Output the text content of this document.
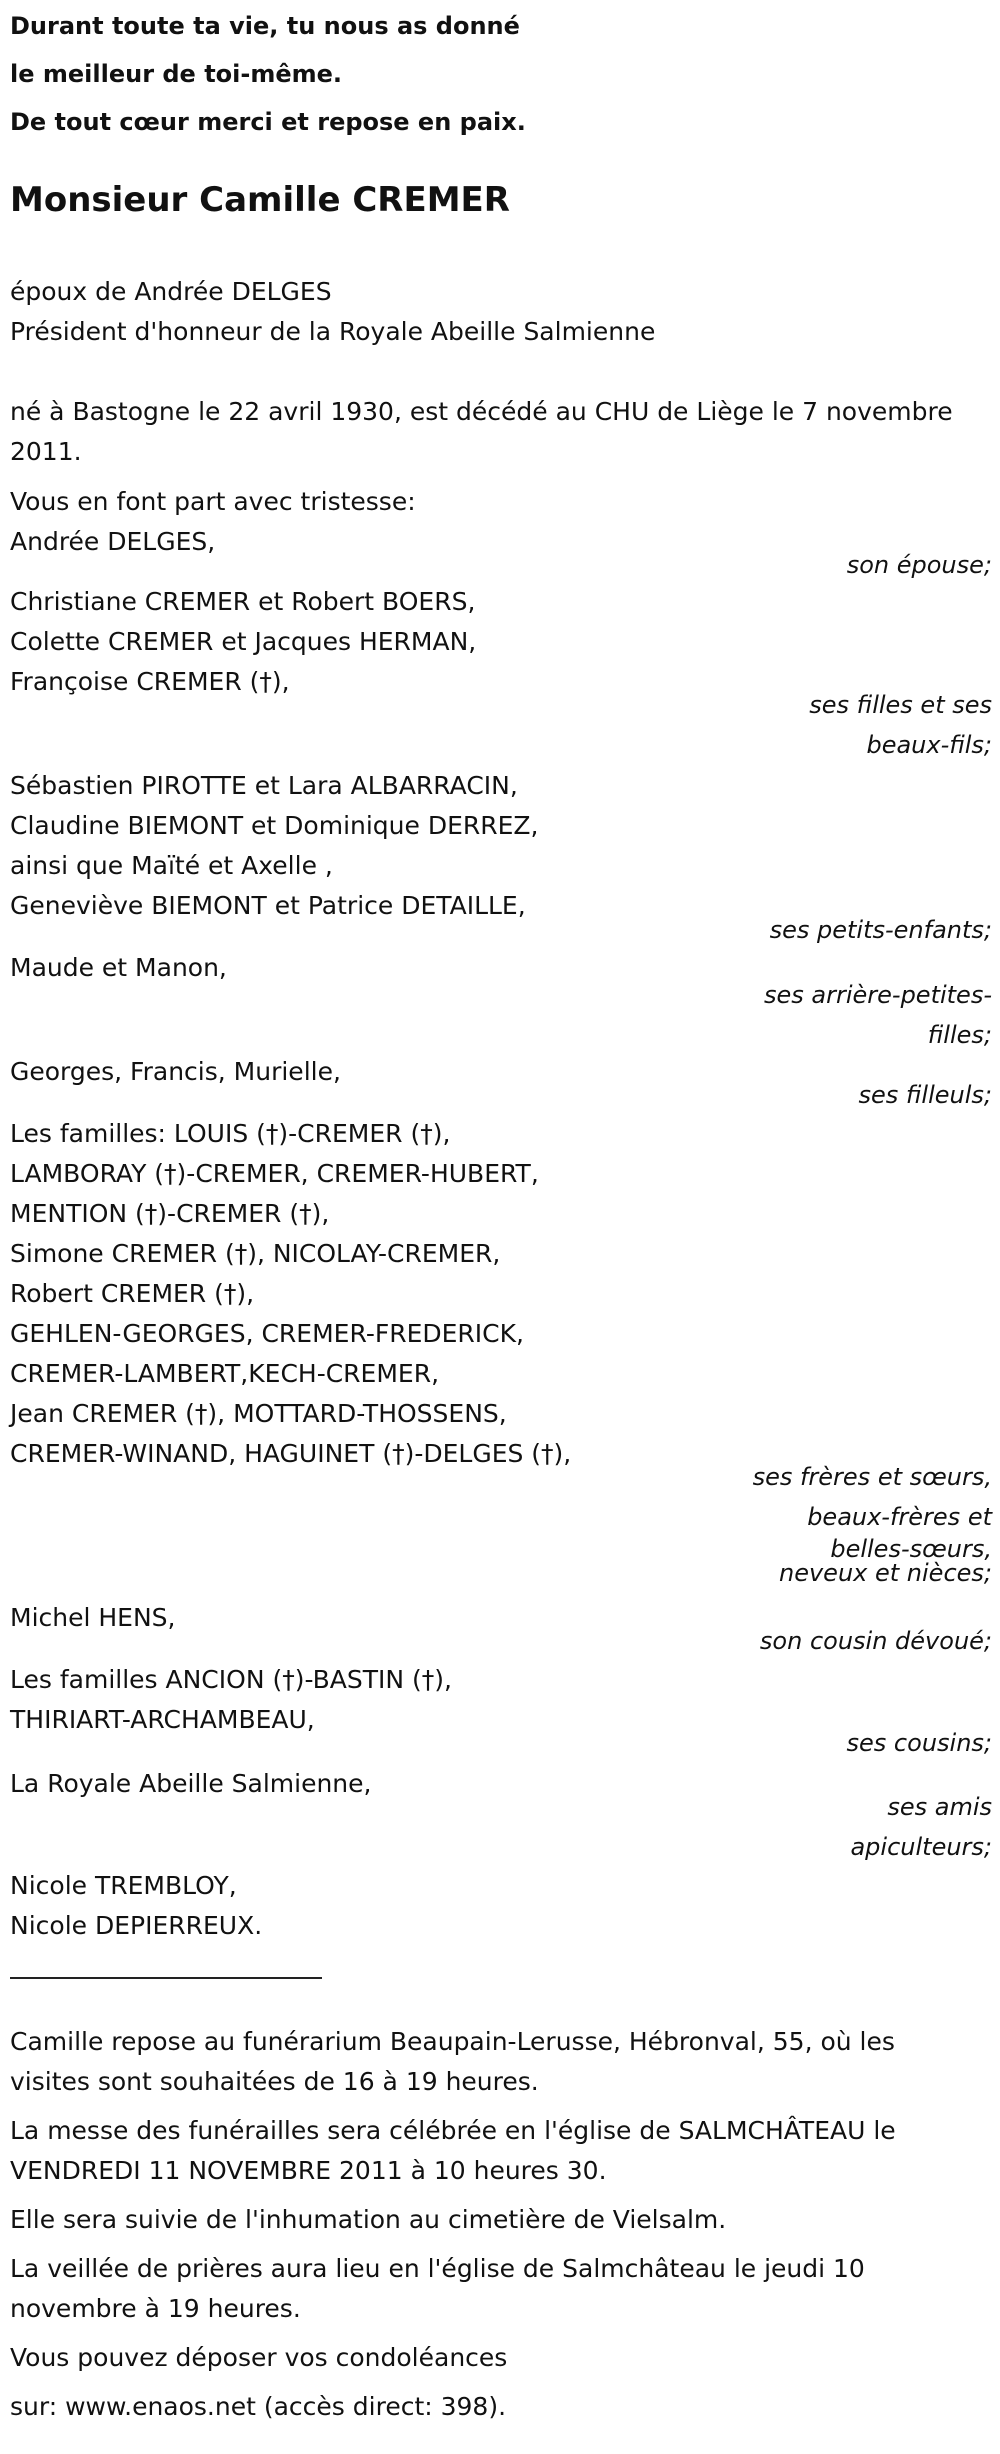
Durant toute ta vie, tu nous as donné
le meilleur de toi-même.
De tout cœur merci et repose en paix.
Monsieur Camille CREMER
époux de Andrée DELGES
Président d'honneur de la Royale Abeille Salmienne
né à Bastogne le 22 avril 1930, est décédé au CHU de Liège le 7 novembre
2011.
Vous en font part avec tristesse:
Andrée DELGES,
son épouse;
Christiane CREMER et Robert BOERS,
Colette CREMER et Jacques HERMAN,
Françoise CREMER (†),
ses filles et ses
beaux-fils;
Sébastien PIROTTE et Lara ALBARRACIN,
Claudine BIEMONT et Dominique DERREZ,
ainsi que Maïté et Axelle ,
Geneviève BIEMONT et Patrice DETAILLE,
ses petits-enfants;
Maude et Manon,
ses arrière-petites-
filles;
Georges, Francis, Murielle,
ses filleuls;
Les familles: LOUIS (†)-CREMER (†),
LAMBORAY (†)-CREMER, CREMER-HUBERT,
MENTION (†)-CREMER (†),
Simone CREMER (†), NICOLAY-CREMER,
Robert CREMER (†),
GEHLEN-GEORGES, CREMER-FREDERICK,
CREMER-LAMBERT,KECH-CREMER,
Jean CREMER (†), MOTTARD-THOSSENS,
CREMER-WINAND, HAGUINET (†)-DELGES (†),
ses frères et sœurs,
beaux-frères et
belles-sœurs,
neveux et nièces;
Michel HENS,
son cousin dévoué;
Les familles ANCION (†)-BASTIN (†),
THIRIART-ARCHAMBEAU,
ses cousins;
La Royale Abeille Salmienne,
ses amis
apiculteurs;
Nicole TREMBLOY,
Nicole DEPIERREUX.
Camille repose au funérarium Beaupain-Lerusse, Hébronval, 55, où les
visites sont souhaitées de 16 à 19 heures.
La messe des funérailles sera célébrée en l'église de SALMCHÂTEAU le
VENDREDI 11 NOVEMBRE 2011 à 10 heures 30.
Elle sera suivie de l'inhumation au cimetière de Vielsalm.
La veillée de prières aura lieu en l'église de Salmchâteau le jeudi 10
novembre à 19 heures.
Vous pouvez déposer vos condoléances
sur: www.enaos.net (accès direct: 398).
